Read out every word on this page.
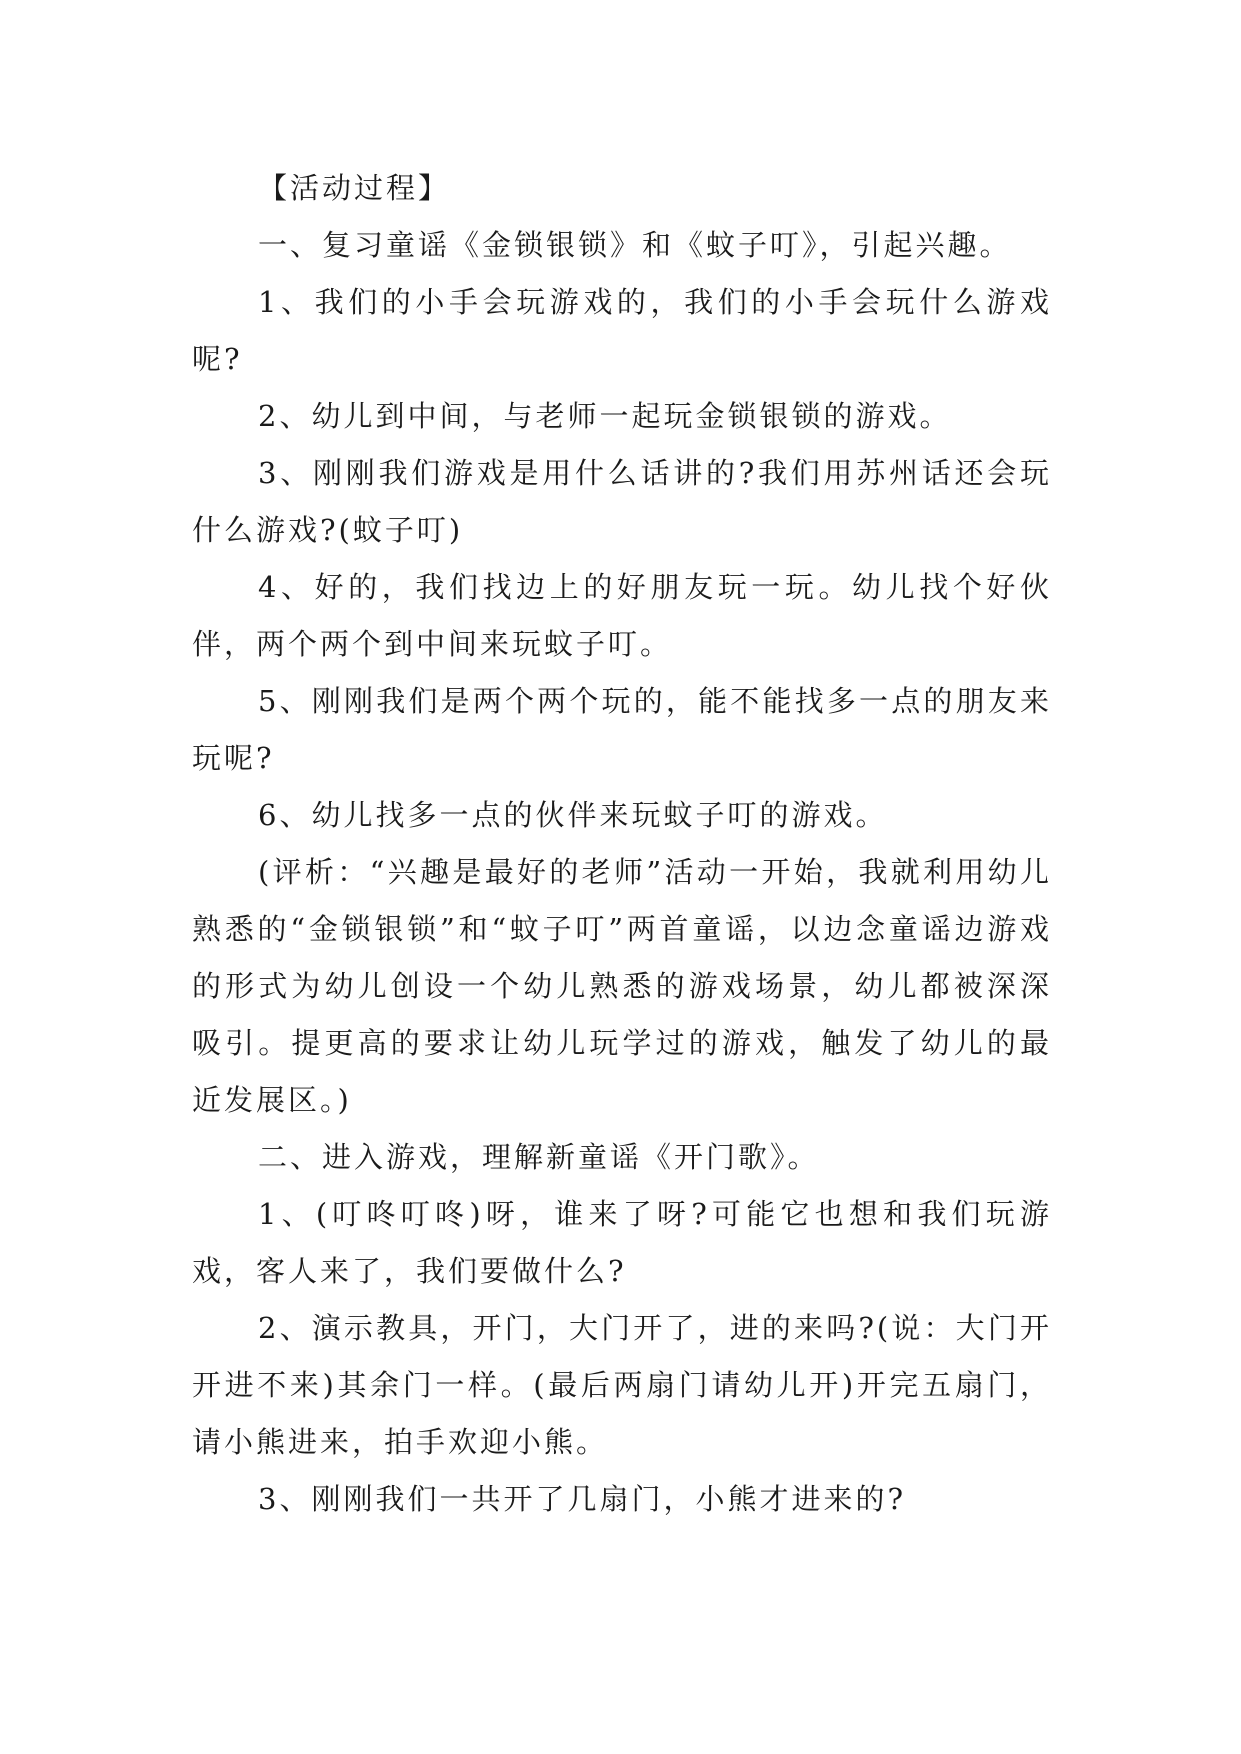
【活动过程】

一、复习童谣《金锁银锁》和《蚊子叮》，引起兴趣。

1、我们的小手会玩游戏的，我们的小手会玩什么游戏呢?

2、幼儿到中间，与老师一起玩金锁银锁的游戏。

3、刚刚我们游戏是用什么话讲的?我们用苏州话还会玩什么游戏?(蚊子叮)

4、好的，我们找边上的好朋友玩一玩。幼儿找个好伙伴，两个两个到中间来玩蚊子叮。

5、刚刚我们是两个两个玩的，能不能找多一点的朋友来玩呢?

6、幼儿找多一点的伙伴来玩蚊子叮的游戏。

(评析：“兴趣是最好的老师”活动一开始，我就利用幼儿熟悉的“金锁银锁”和“蚊子叮”两首童谣，以边念童谣边游戏的形式为幼儿创设一个幼儿熟悉的游戏场景，幼儿都被深深吸引。提更高的要求让幼儿玩学过的游戏，触发了幼儿的最近发展区。)

二、进入游戏，理解新童谣《开门歌》。

1、(叮咚叮咚)呀，谁来了呀?可能它也想和我们玩游戏，客人来了，我们要做什么?

2、演示教具，开门，大门开了，进的来吗?(说：大门开开进不来)其余门一样。(最后两扇门请幼儿开)开完五扇门，请小熊进来，拍手欢迎小熊。

3、刚刚我们一共开了几扇门，小熊才进来的?
